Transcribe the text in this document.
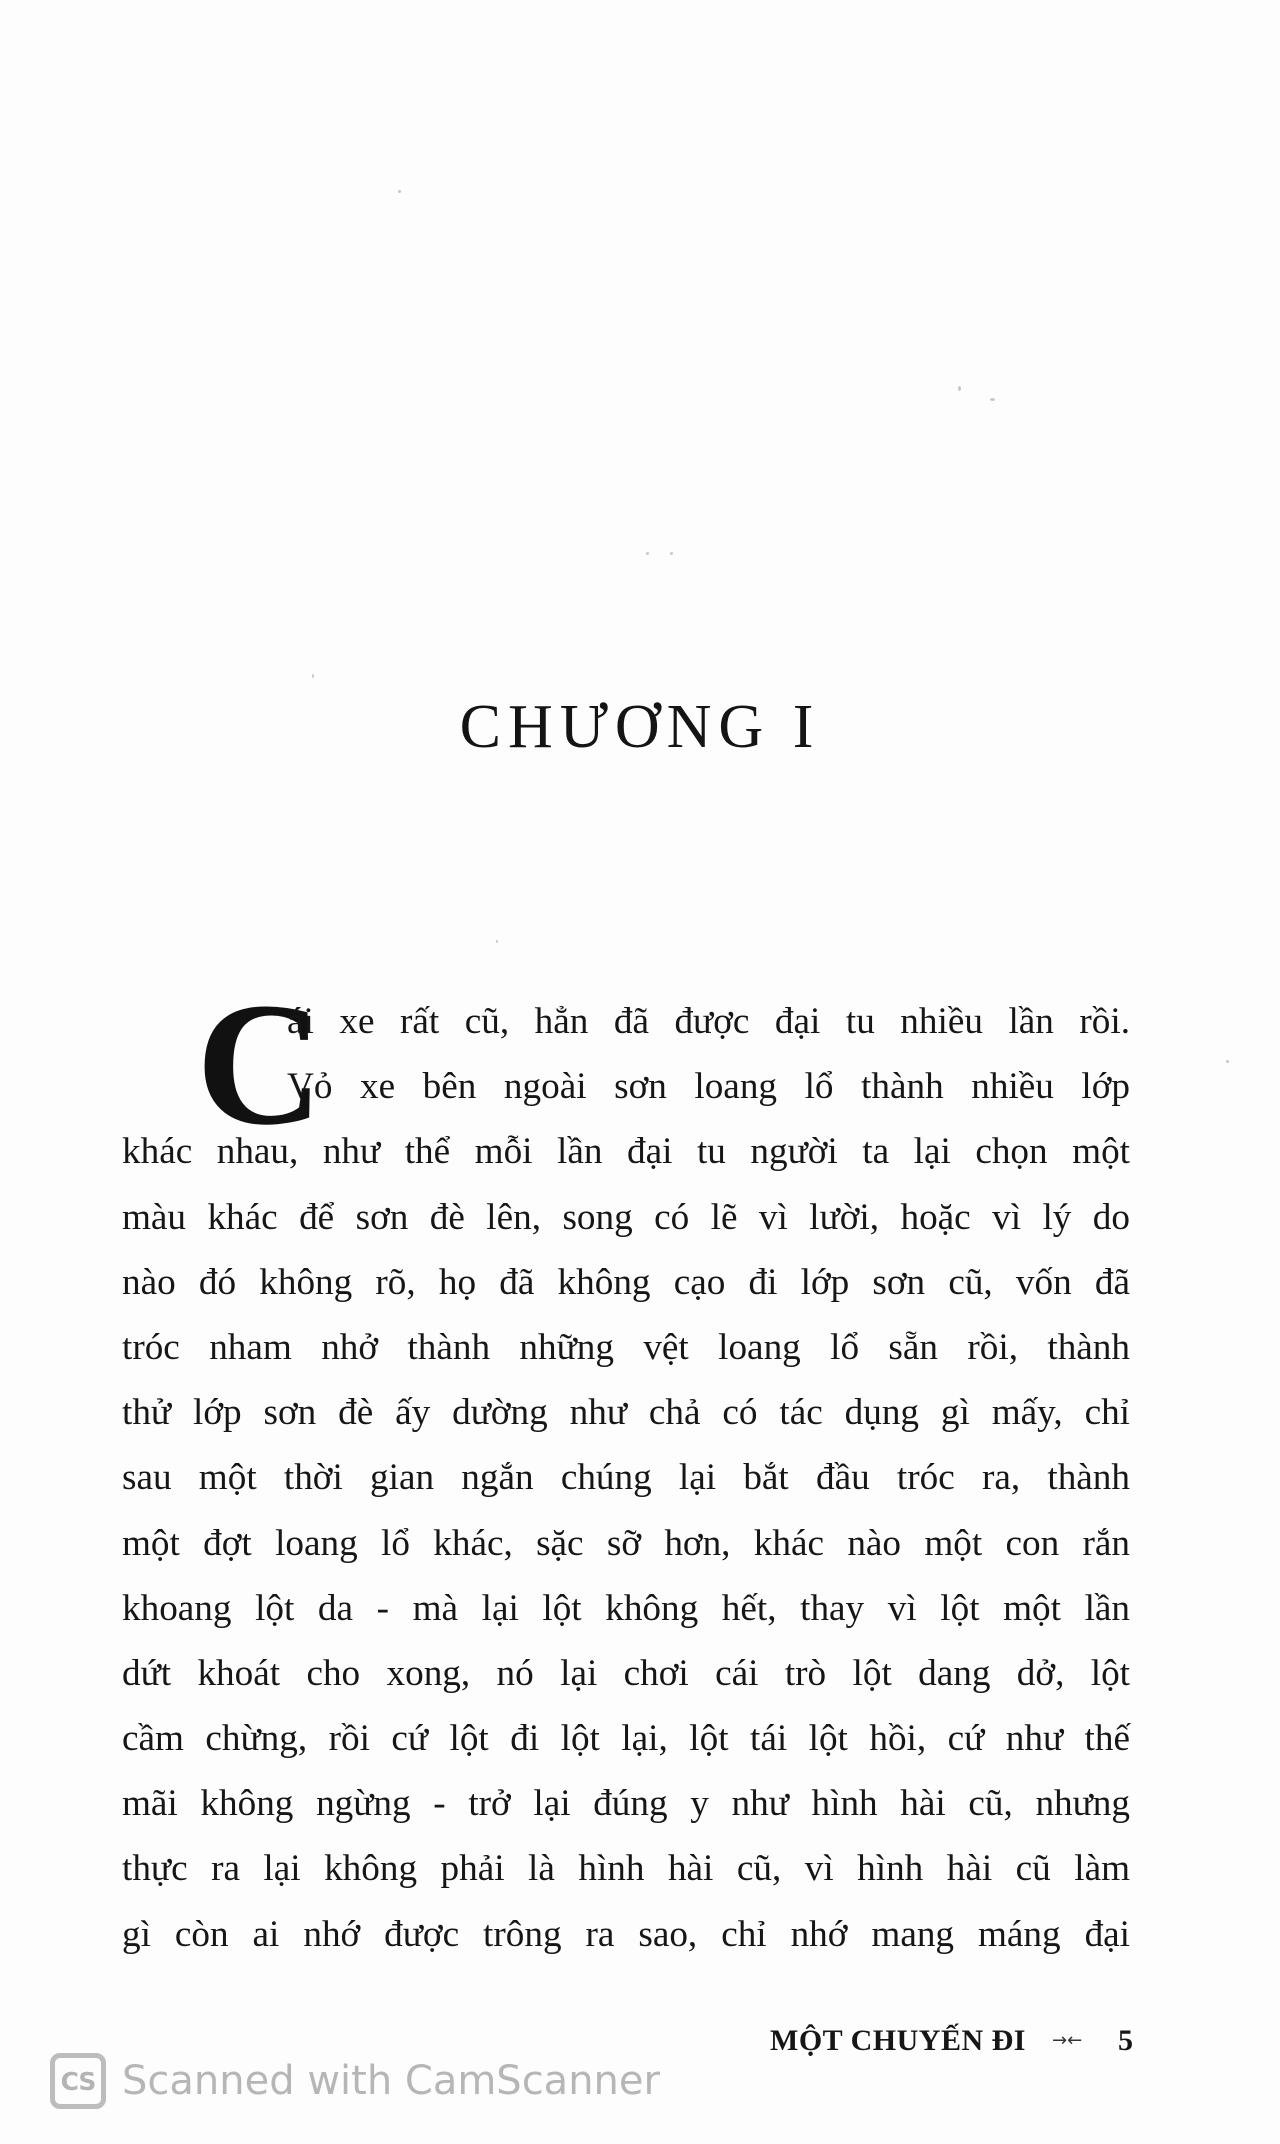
CHƯƠNG I
C
ái xe rất cũ, hẳn đã được đại tu nhiều lần rồi.
Vỏ xe bên ngoài sơn loang lổ thành nhiều lớp
khác nhau, như thể mỗi lần đại tu người ta lại chọn một
màu khác để sơn đè lên, song có lẽ vì lười, hoặc vì lý do
nào đó không rõ, họ đã không cạo đi lớp sơn cũ, vốn đã
tróc nham nhở thành những vệt loang lổ sẵn rồi, thành
thử lớp sơn đè ấy dường như chả có tác dụng gì mấy, chỉ
sau một thời gian ngắn chúng lại bắt đầu tróc ra, thành
một đợt loang lổ khác, sặc sỡ hơn, khác nào một con rắn
khoang lột da - mà lại lột không hết, thay vì lột một lần
dứt khoát cho xong, nó lại chơi cái trò lột dang dở, lột
cầm chừng, rồi cứ lột đi lột lại, lột tái lột hồi, cứ như thế
mãi không ngừng - trở lại đúng y như hình hài cũ, nhưng
thực ra lại không phải là hình hài cũ, vì hình hài cũ làm
gì còn ai nhớ được trông ra sao, chỉ nhớ mang máng đại
MỘT CHUYẾN ĐI →← 5
CS Scanned with CamScanner
